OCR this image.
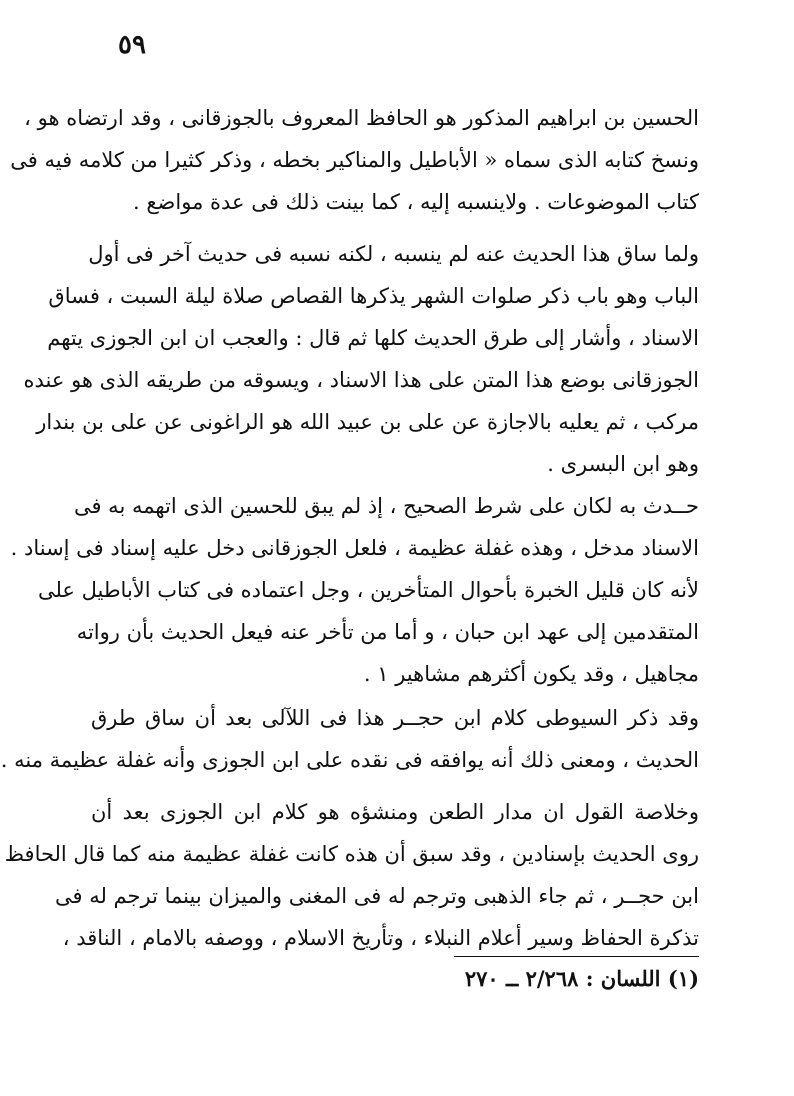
٥٩
الحسين بن ابراهيم المذكور هو الحافظ المعروف بالجوزقانى ، وقد ارتضاه هو ،
ونسخ كتابه الذى سماه « الأباطيل والمناكير بخطه ، وذكر كثيرا من كلامه فيه فى
كتاب الموضوعات . ولاينسبه إليه ، كما بينت ذلك فى عدة مواضع .
ولما ساق هذا الحديث عنه لم ينسبه ، لكنه نسبه فى حديث آخر فى أول
الباب وهو باب ذكر صلوات الشهر يذكرها القصاص صلاة ليلة السبت ، فساق
الاسناد ، وأشار إلى طرق الحديث كلها ثم قال : والعجب ان ابن الجوزى يتهم
الجوزقانى بوضع هذا المتن على هذا الاسناد ، ويسوقه من طريقه الذى هو عنده
مركب ، ثم يعليه بالاجازة عن على بن عبيد الله هو الراغونى عن على بن بندار
وهو ابن البسرى .
حــدث به لكان على شرط الصحيح ، إذ لم يبق للحسين الذى اتهمه به فى
الاسناد مدخل ، وهذه غفلة عظيمة ، فلعل الجوزقانى دخل عليه إسناد فى إسناد .
لأنه كان قليل الخبرة بأحوال المتأخرين ، وجل اعتماده فى كتاب الأباطيل على
المتقدمين إلى عهد ابن حبان ، و أما من تأخر عنه فيعل الحديث بأن رواته
مجاهيل ، وقد يكون أكثرهم مشاهير ١ .
وقد ذكر السيوطى كلام ابن حجــر هذا فى اللآلى بعد أن ساق طرق
الحديث ، ومعنى ذلك أنه يوافقه فى نقده على ابن الجوزى وأنه غفلة عظيمة منه .
وخلاصة القول ان مدار الطعن ومنشؤه هو كلام ابن الجوزى بعد أن
روى الحديث بإسنادين ، وقد سبق أن هذه كانت غفلة عظيمة منه كما قال الحافظ
ابن حجــر ، ثم جاء الذهبى وترجم له فى المغنى والميزان بينما ترجم له فى
تذكرة الحفاظ وسير أعلام النبلاء ، وتأريخ الاسلام ، ووصفه بالامام ، الناقد ،
(١) اللسان : ٢/٢٦٨ ــ ٢٧٠
